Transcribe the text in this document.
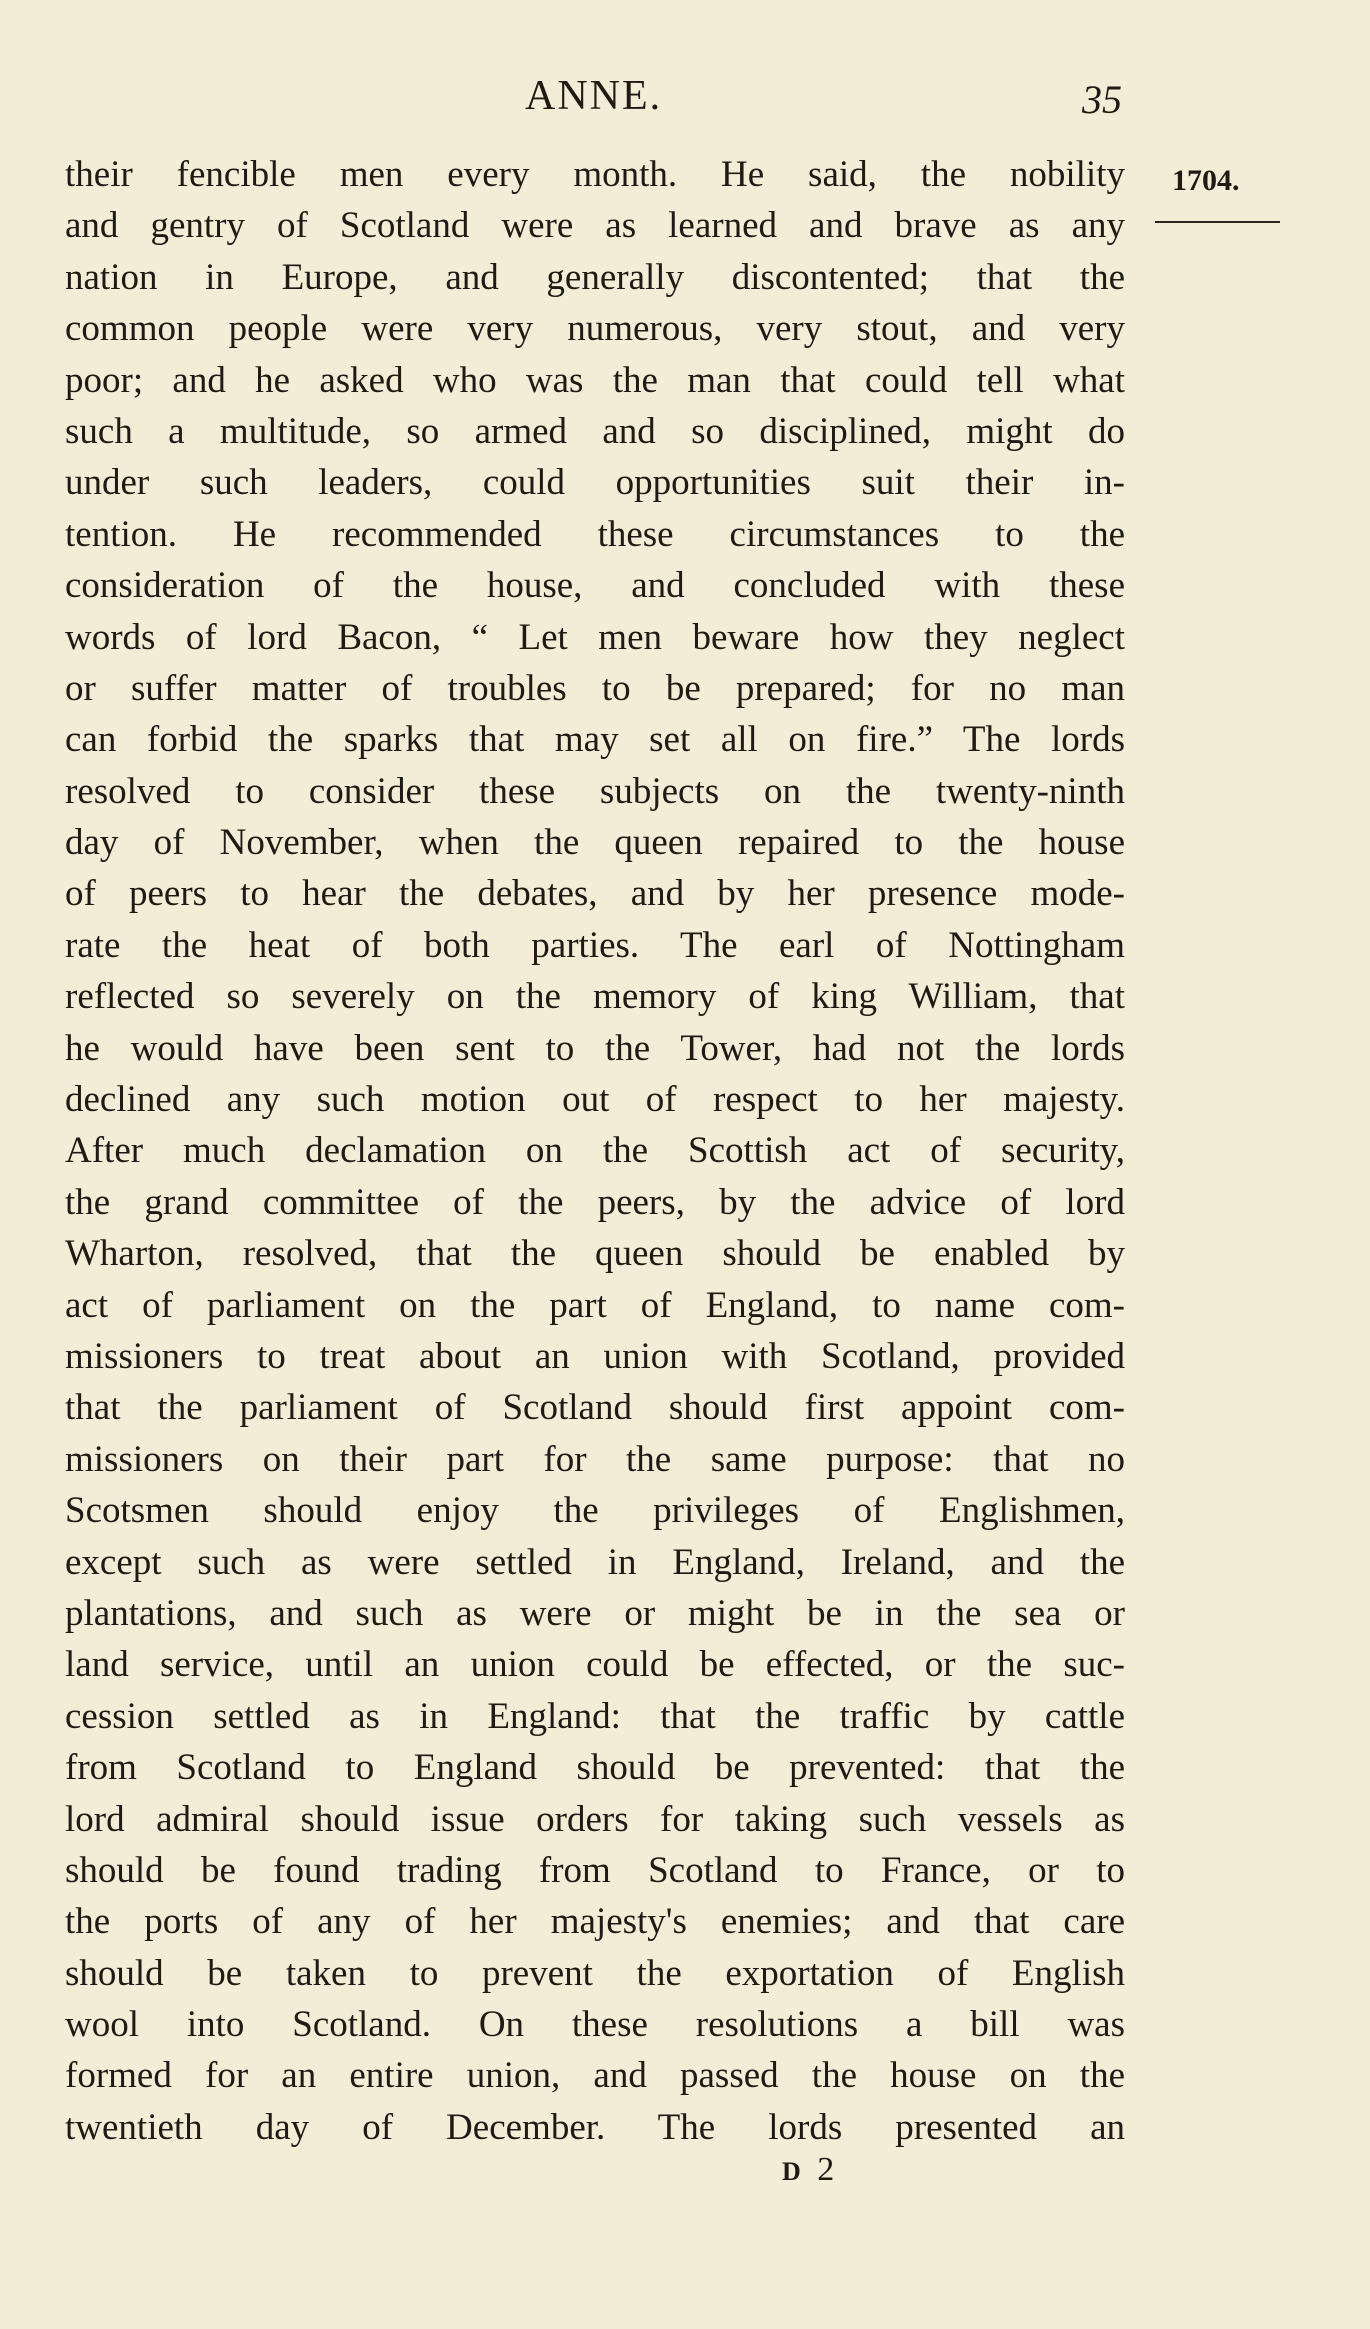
ANNE.	35
1704.
their fencible men every month. He said, the nobility
and gentry of Scotland were as learned and brave as any
nation in Europe, and generally discontented; that the
common people were very numerous, very stout, and very
poor; and he asked who was the man that could tell what
such a multitude, so armed and so disciplined, might do
under such leaders, could opportunities suit their in-
tention. He recommended these circumstances to the
consideration of the house, and concluded with these
words of lord Bacon, “ Let men beware how they neglect
or suffer matter of troubles to be prepared; for no man
can forbid the sparks that may set all on fire.” The lords
resolved to consider these subjects on the twenty-ninth
day of November, when the queen repaired to the house
of peers to hear the debates, and by her presence mode-
rate the heat of both parties. The earl of Nottingham
reflected so severely on the memory of king William, that
he would have been sent to the Tower, had not the lords
declined any such motion out of respect to her majesty.
After much declamation on the Scottish act of security,
the grand committee of the peers, by the advice of lord
Wharton, resolved, that the queen should be enabled by
act of parliament on the part of England, to name com-
missioners to treat about an union with Scotland, provided
that the parliament of Scotland should first appoint com-
missioners on their part for the same purpose: that no
Scotsmen should enjoy the privileges of Englishmen,
except such as were settled in England, Ireland, and the
plantations, and such as were or might be in the sea or
land service, until an union could be effected, or the suc-
cession settled as in England: that the traffic by cattle
from Scotland to England should be prevented: that the
lord admiral should issue orders for taking such vessels as
should be found trading from Scotland to France, or to
the ports of any of her majesty's enemies; and that care
should be taken to prevent the exportation of English
wool into Scotland. On these resolutions a bill was
formed for an entire union, and passed the house on the
twentieth day of December. The lords presented an
D 2
